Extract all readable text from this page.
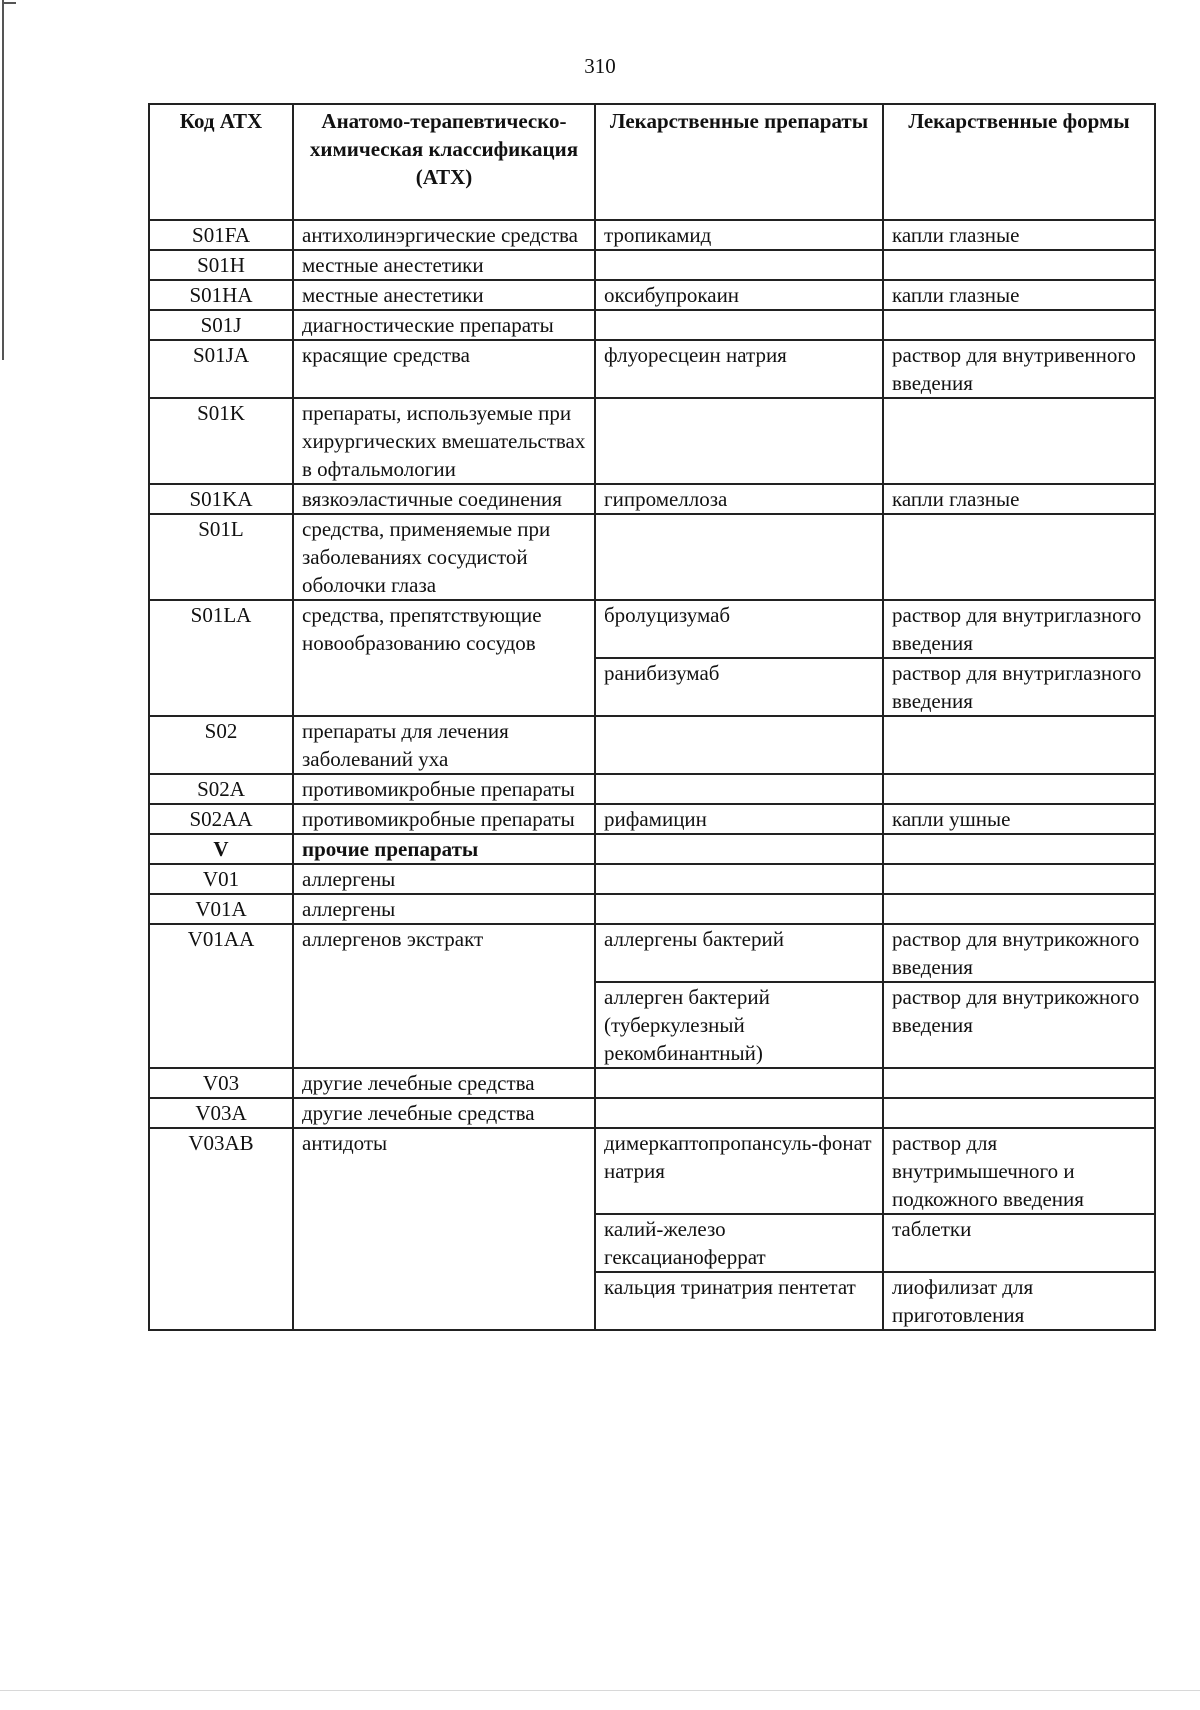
310
Код АТХ	Анатомо-терапевтическо-химическая классификация (АТХ)	Лекарственные препараты	Лекарственные формы
S01FA	антихолинэргические средства	тропикамид	капли глазные
S01H	местные анестетики		
S01HA	местные анестетики	оксибупрокаин	капли глазные
S01J	диагностические препараты		
S01JA	красящие средства	флуоресцеин натрия	раствор для внутривенного введения
S01K	препараты, используемые при хирургических вмешательствах в офтальмологии		
S01KA	вязкоэластичные соединения	гипромеллоза	капли глазные
S01L	средства, применяемые при заболеваниях сосудистой оболочки глаза		
S01LA	средства, препятствующие новообразованию сосудов	бролуцизумаб	раствор для внутриглазного введения
		ранибизумаб	раствор для внутриглазного введения
S02	препараты для лечения заболеваний уха		
S02A	противомикробные препараты		
S02AA	противомикробные препараты	рифамицин	капли ушные
V	прочие препараты		
V01	аллергены		
V01A	аллергены		
V01AA	аллергенов экстракт	аллергены бактерий	раствор для внутрикожного введения
		аллерген бактерий (туберкулезный рекомбинантный)	раствор для внутрикожного введения
V03	другие лечебные средства		
V03A	другие лечебные средства		
V03AB	антидоты	димеркаптопропансуль-фонат натрия	раствор для внутримышечного и подкожного введения
		калий-железо гексацианоферрат	таблетки
		кальция тринатрия пентетат	лиофилизат для приготовления
